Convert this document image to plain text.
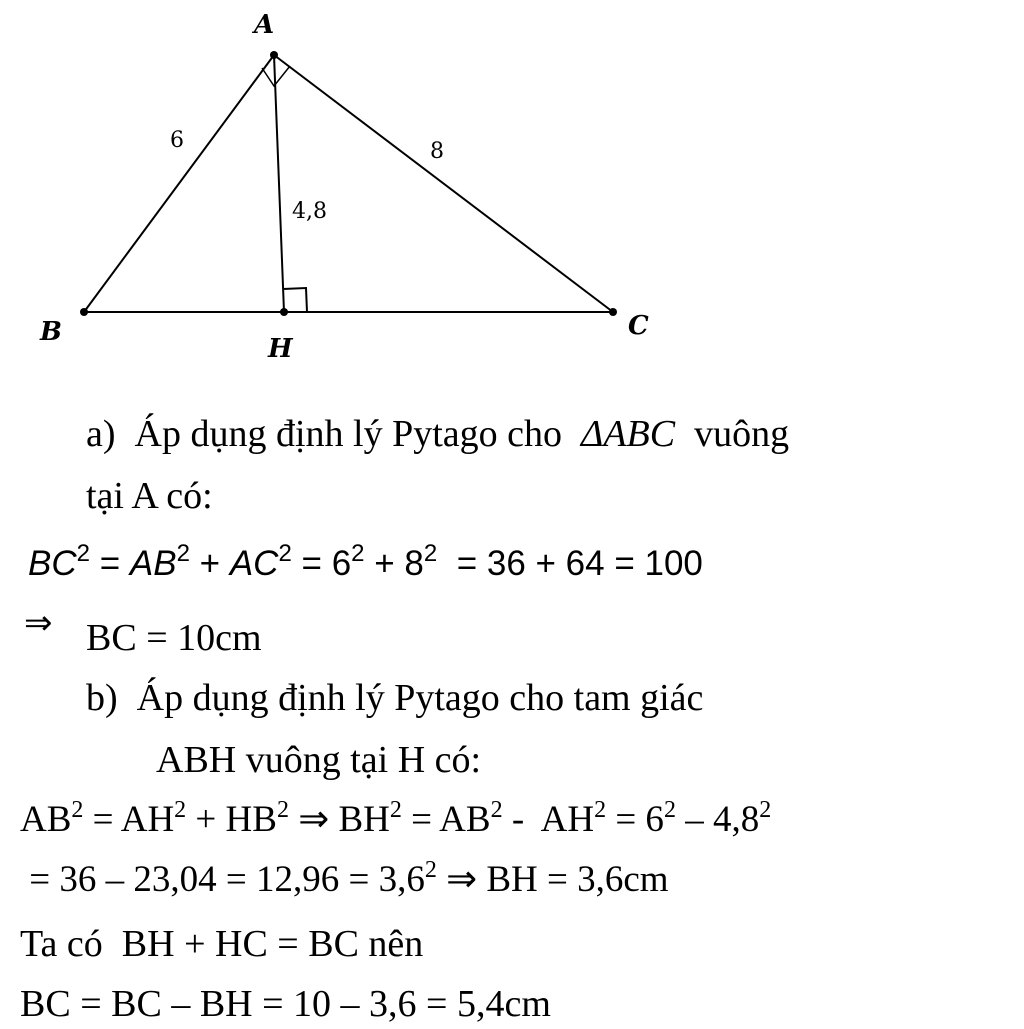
A
B	C
H
6	8
4,8
a) Áp dụng định lý Pytago cho ΔABC vuông
tại A có:
$BC^2 = AB^2 + AC^2 = 6^2 + 8^2 = 36 + 64 = 100$
⇒ BC = 10cm
b) Áp dụng định lý Pytago cho tam giác
ABH vuông tại H có:
$AB^2 = AH^2 + HB^2$ ⇒ $BH^2 = AB^2 - AH^2 = 6^2 - 4,8^2$
= $36 - 23,04 = 12,96 = 3,6^2$ ⇒ BH = 3,6cm
Ta có  BH + HC = BC nên
BC = BC – BH = 10 – 3,6 = 5,4cm
